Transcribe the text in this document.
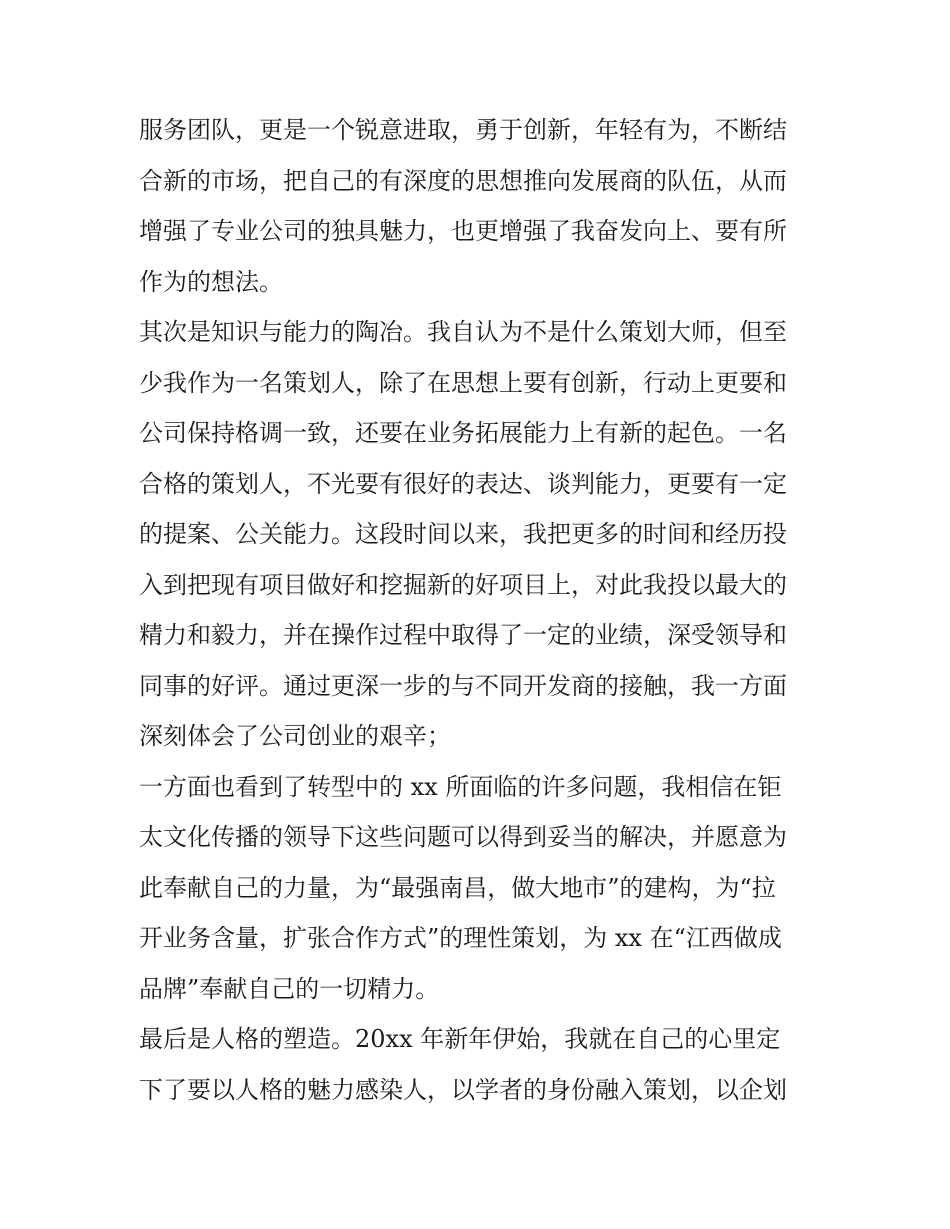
服务团队，更是一个锐意进取，勇于创新，年轻有为，不断结
合新的市场，把自己的有深度的思想推向发展商的队伍，从而
增强了专业公司的独具魅力，也更增强了我奋发向上、要有所
作为的想法。
其次是知识与能力的陶冶。我自认为不是什么策划大师，但至
少我作为一名策划人，除了在思想上要有创新，行动上更要和
公司保持格调一致，还要在业务拓展能力上有新的起色。一名
合格的策划人，不光要有很好的表达、谈判能力，更要有一定
的提案、公关能力。这段时间以来，我把更多的时间和经历投
入到把现有项目做好和挖掘新的好项目上，对此我投以最大的
精力和毅力，并在操作过程中取得了一定的业绩，深受领导和
同事的好评。通过更深一步的与不同开发商的接触，我一方面
深刻体会了公司创业的艰辛；
一方面也看到了转型中的 xx 所面临的许多问题，我相信在钜
太文化传播的领导下这些问题可以得到妥当的解决，并愿意为
此奉献自己的力量，为“最强南昌，做大地市”的建构，为“拉
开业务含量，扩张合作方式”的理性策划，为 xx 在“江西做成
品牌”奉献自己的一切精力。
最后是人格的塑造。20xx 年新年伊始，我就在自己的心里定
下了要以人格的魅力感染人，以学者的身份融入策划，以企划
